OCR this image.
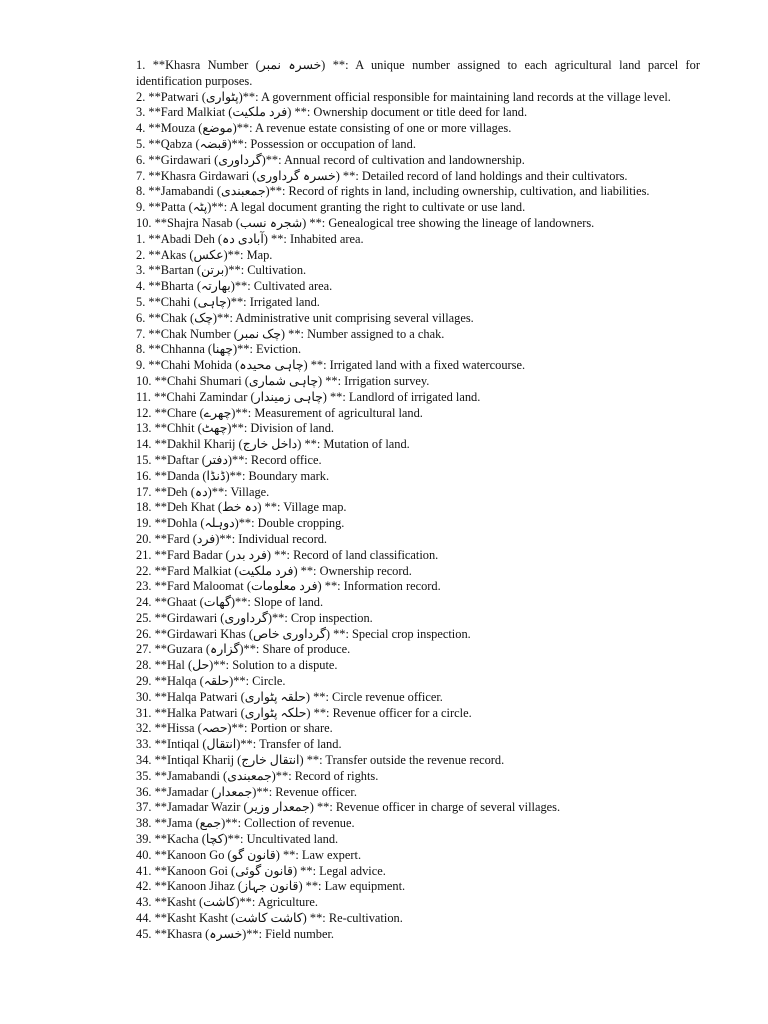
1. **Khasra Number (خسرہ نمبر) **: A unique number assigned to each agricultural land parcel for identification purposes.

2. **Patwari (پٹواری)**: A government official responsible for maintaining land records at the village level.

3. **Fard Malkiat (فرد ملکیت) **: Ownership document or title deed for land.

4. **Mouza (موضع)**: A revenue estate consisting of one or more villages.

5. **Qabza (قبضہ)**: Possession or occupation of land.

6. **Girdawari (گرداوری)**: Annual record of cultivation and landownership.

7. **Khasra Girdawari (خسرہ گرداوری) **: Detailed record of land holdings and their cultivators.

8. **Jamabandi (جمعبندی)**: Record of rights in land, including ownership, cultivation, and liabilities.

9. **Patta (پٹہ)**: A legal document granting the right to cultivate or use land.

10. **Shajra Nasab (شجرہ نسب) **: Genealogical tree showing the lineage of landowners.

1. **Abadi Deh (آبادی دہ) **: Inhabited area.

2. **Akas (عکس)**: Map.

3. **Bartan (برتن)**: Cultivation.

4. **Bharta (بھارتہ)**: Cultivated area.

5. **Chahi (چاہی)**: Irrigated land.

6. **Chak (چک)**: Administrative unit comprising several villages.

7. **Chak Number (چک نمبر) **: Number assigned to a chak.

8. **Chhanna (چھنا)**: Eviction.

9. **Chahi Mohida (چاہی محیدہ) **: Irrigated land with a fixed watercourse.

10. **Chahi Shumari (چاہی شماری) **: Irrigation survey.

11. **Chahi Zamindar (چاہی زمیندار) **: Landlord of irrigated land.

12. **Chare (چھرے)**: Measurement of agricultural land.

13. **Chhit (چھٹ)**: Division of land.

14. **Dakhil Kharij (داخل خارج) **: Mutation of land.

15. **Daftar (دفتر)**: Record office.

16. **Danda (ڈنڈا)**: Boundary mark.

17. **Deh (دہ)**: Village.

18. **Deh Khat (دہ خط) **: Village map.

19. **Dohla (دوہلہ)**: Double cropping.

20. **Fard (فرد)**: Individual record.

21. **Fard Badar (فرد بدر) **: Record of land classification.

22. **Fard Malkiat (فرد ملکیت) **: Ownership record.

23. **Fard Maloomat (فرد معلومات) **: Information record.

24. **Ghaat (گھات)**: Slope of land.

25. **Girdawari (گرداوری)**: Crop inspection.

26. **Girdawari Khas (گرداوری خاص) **: Special crop inspection.

27. **Guzara (گزارہ)**: Share of produce.

28. **Hal (حل)**: Solution to a dispute.

29. **Halqa (حلقہ)**: Circle.

30. **Halqa Patwari (حلقہ پٹواری) **: Circle revenue officer.

31. **Halka Patwari (حلکہ پٹواری) **: Revenue officer for a circle.

32. **Hissa (حصہ)**: Portion or share.

33. **Intiqal (انتقال)**: Transfer of land.

34. **Intiqal Kharij (انتقال خارج) **: Transfer outside the revenue record.

35. **Jamabandi (جمعبندی)**: Record of rights.

36. **Jamadar (جمعدار)**: Revenue officer.

37. **Jamadar Wazir (جمعدار وزیر) **: Revenue officer in charge of several villages.

38. **Jama (جمع)**: Collection of revenue.

39. **Kacha (کچا)**: Uncultivated land.

40. **Kanoon Go (قانون گو) **: Law expert.

41. **Kanoon Goi (قانون گوئی) **: Legal advice.

42. **Kanoon Jihaz (قانون جہاز) **: Law equipment.

43. **Kasht (کاشت)**: Agriculture.

44. **Kasht Kasht (کاشت کاشت) **: Re-cultivation.

45. **Khasra (خسرہ)**: Field number.
